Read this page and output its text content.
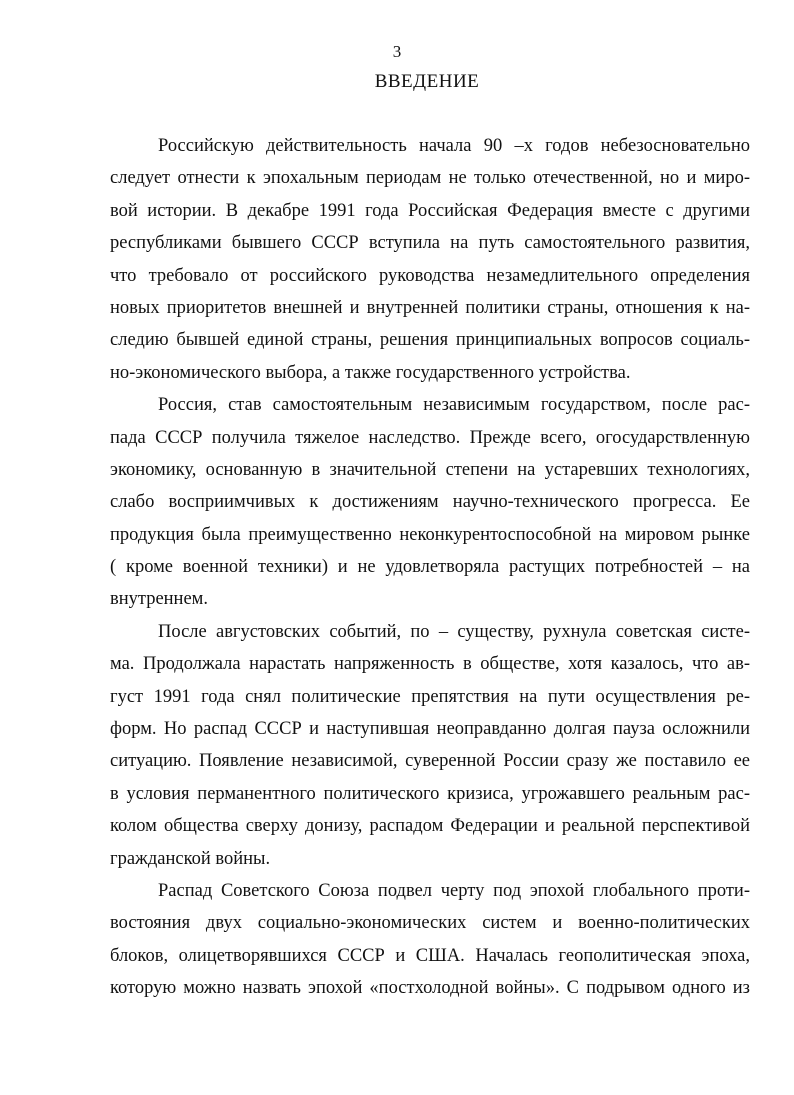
3
ВВЕДЕНИЕ
Российскую действительность начала 90 –х годов небезосновательно
следует отнести к эпохальным периодам не только отечественной, но и миро-
вой истории. В декабре 1991 года Российская Федерация вместе с другими
республиками бывшего СССР вступила на путь самостоятельного развития,
что требовало от российского руководства незамедлительного определения
новых приоритетов внешней и внутренней политики страны, отношения к на-
следию бывшей единой страны, решения принципиальных вопросов социаль-
но-экономического выбора, а также государственного устройства.
Россия, став самостоятельным независимым государством, после рас-
пада СССР получила тяжелое наследство. Прежде всего, огосударствленную
экономику, основанную в значительной степени на устаревших технологиях,
слабо восприимчивых к достижениям научно-технического прогресса. Ее
продукция была преимущественно неконкурентоспособной на мировом рынке
( кроме военной техники) и не удовлетворяла растущих потребностей – на
внутреннем.
После августовских событий, по – существу, рухнула советская систе-
ма. Продолжала нарастать напряженность в обществе, хотя казалось, что ав-
густ 1991 года снял политические препятствия на пути осуществления ре-
форм. Но распад СССР и наступившая неоправданно долгая пауза осложнили
ситуацию. Появление независимой, суверенной России сразу же поставило ее
в условия перманентного политического кризиса, угрожавшего реальным рас-
колом общества сверху донизу, распадом Федерации и реальной перспективой
гражданской войны.
Распад Советского Союза подвел черту под эпохой глобального проти-
востояния двух социально-экономических систем и военно-политических
блоков, олицетворявшихся СССР и США. Началась геополитическая эпоха,
которую можно назвать эпохой «постхолодной войны». С подрывом одного из
